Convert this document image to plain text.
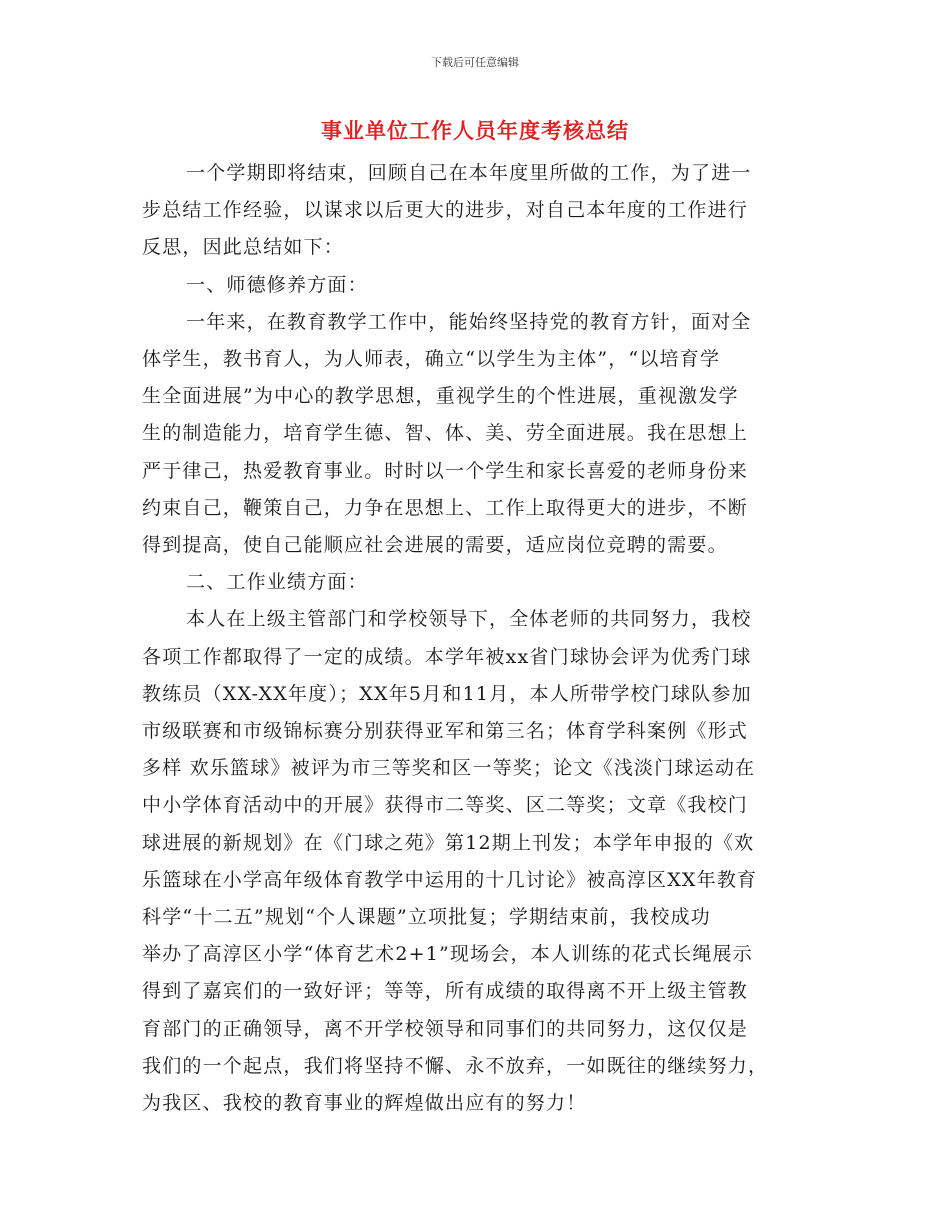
下载后可任意编辑
事业单位工作人员年度考核总结
一个学期即将结束，回顾自己在本年度里所做的工作，为了进一
步总结工作经验，以谋求以后更大的进步，对自己本年度的工作进行
反思，因此总结如下：
一、师德修养方面：
一年来，在教育教学工作中，能始终坚持党的教育方针，面对全
体学生，教书育人，为人师表，确立“以学生为主体”，“以培育学
生全面进展”为中心的教学思想，重视学生的个性进展，重视激发学
生的制造能力，培育学生德、智、体、美、劳全面进展。我在思想上
严于律己，热爱教育事业。时时以一个学生和家长喜爱的老师身份来
约束自己，鞭策自己，力争在思想上、工作上取得更大的进步，不断
得到提高，使自己能顺应社会进展的需要，适应岗位竞聘的需要。
二、工作业绩方面：
本人在上级主管部门和学校领导下，全体老师的共同努力，我校
各项工作都取得了一定的成绩。本学年被xx省门球协会评为优秀门球
教练员（XX-XX年度）；XX年5月和11月，本人所带学校门球队参加
市级联赛和市级锦标赛分别获得亚军和第三名；体育学科案例《形式
多样 欢乐篮球》被评为市三等奖和区一等奖；论文《浅淡门球运动在
中小学体育活动中的开展》获得市二等奖、区二等奖；文章《我校门
球进展的新规划》在《门球之苑》第12期上刊发；本学年申报的《欢
乐篮球在小学高年级体育教学中运用的十几讨论》被高淳区XX年教育
科学“十二五”规划“个人课题”立项批复；学期结束前，我校成功
举办了高淳区小学“体育艺术2+1”现场会，本人训练的花式长绳展示
得到了嘉宾们的一致好评；等等，所有成绩的取得离不开上级主管教
育部门的正确领导，离不开学校领导和同事们的共同努力，这仅仅是
我们的一个起点，我们将坚持不懈、永不放弃，一如既往的继续努力，
为我区、我校的教育事业的辉煌做出应有的努力！
